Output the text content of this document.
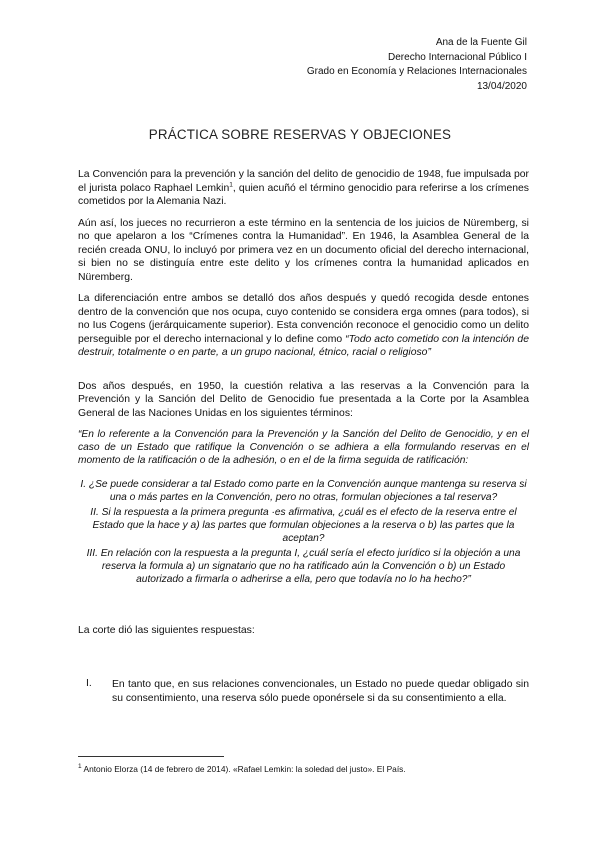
Ana de la Fuente Gil
Derecho Internacional Público I
Grado en Economía y Relaciones Internacionales
13/04/2020
PRÁCTICA SOBRE RESERVAS Y OBJECIONES

La Convención para la prevención y la sanción del delito de genocidio de 1948, fue impulsada por el jurista polaco Raphael Lemkin$^1$, quien acuñó el término genocidio para referirse a los crímenes cometidos por la Alemania Nazi.

Aún así, los jueces no recurrieron a este término en la sentencia de los juicios de Nüremberg, si no que apelaron a los “Crímenes contra la Humanidad”. En 1946, la Asamblea General de la recién creada ONU, lo incluyó por primera vez en un documento oficial del derecho internacional, si bien no se distinguía entre este delito y los crímenes contra la humanidad aplicados en Nüremberg.

La diferenciación entre ambos se detalló dos años después y quedó recogida desde entones dentro de la convención que nos ocupa, cuyo contenido se considera erga omnes (para todos), si no Ius Cogens (jerárquicamente superior). Esta convención reconoce el genocidio como un delito perseguible por el derecho internacional y lo define como “Todo acto cometido con la intención de destruir, totalmente o en parte, a un grupo nacional, étnico, racial o religioso”

Dos años después, en 1950, la cuestión relativa a las reservas a la Convención para la Prevención y la Sanción del Delito de Genocidio fue presentada a la Corte por la Asamblea General de las Naciones Unidas en los siguientes términos:

“En lo referente a la Convención para la Prevención y la Sanción del Delito de Genocidio, y en el caso de un Estado que ratifique la Convención o se adhiera a ella formulando reservas en el momento de la ratificación o de la adhesión, o en el de la firma seguida de ratificación:

I. ¿Se puede considerar a tal Estado como parte en la Convención aunque mantenga su reserva si una o más partes en la Convención, pero no otras, formulan objeciones a tal reserva?

II. Si la respuesta a la primera pregunta ·es afirmativa, ¿cuál es el efecto de la reserva entre el Estado que la hace y a) las partes que formulan objeciones a la reserva o b) las partes que la aceptan?

III. En relación con la respuesta a la pregunta I, ¿cuál sería el efecto jurídico si la objeción a una reserva la formula a) un signatario que no ha ratificado aún la Convención o b) un Estado autorizado a firmarla o adherirse a ella, pero que todavía no lo ha hecho?”

La corte dió las siguientes respuestas:

I.	En tanto que, en sus relaciones convencionales, un Estado no puede quedar obligado sin su consentimiento, una reserva sólo puede oponérsele si da su consentimiento a ella.
$^1$ Antonio Elorza (14 de febrero de 2014). «Rafael Lemkin: la soledad del justo». El País.
